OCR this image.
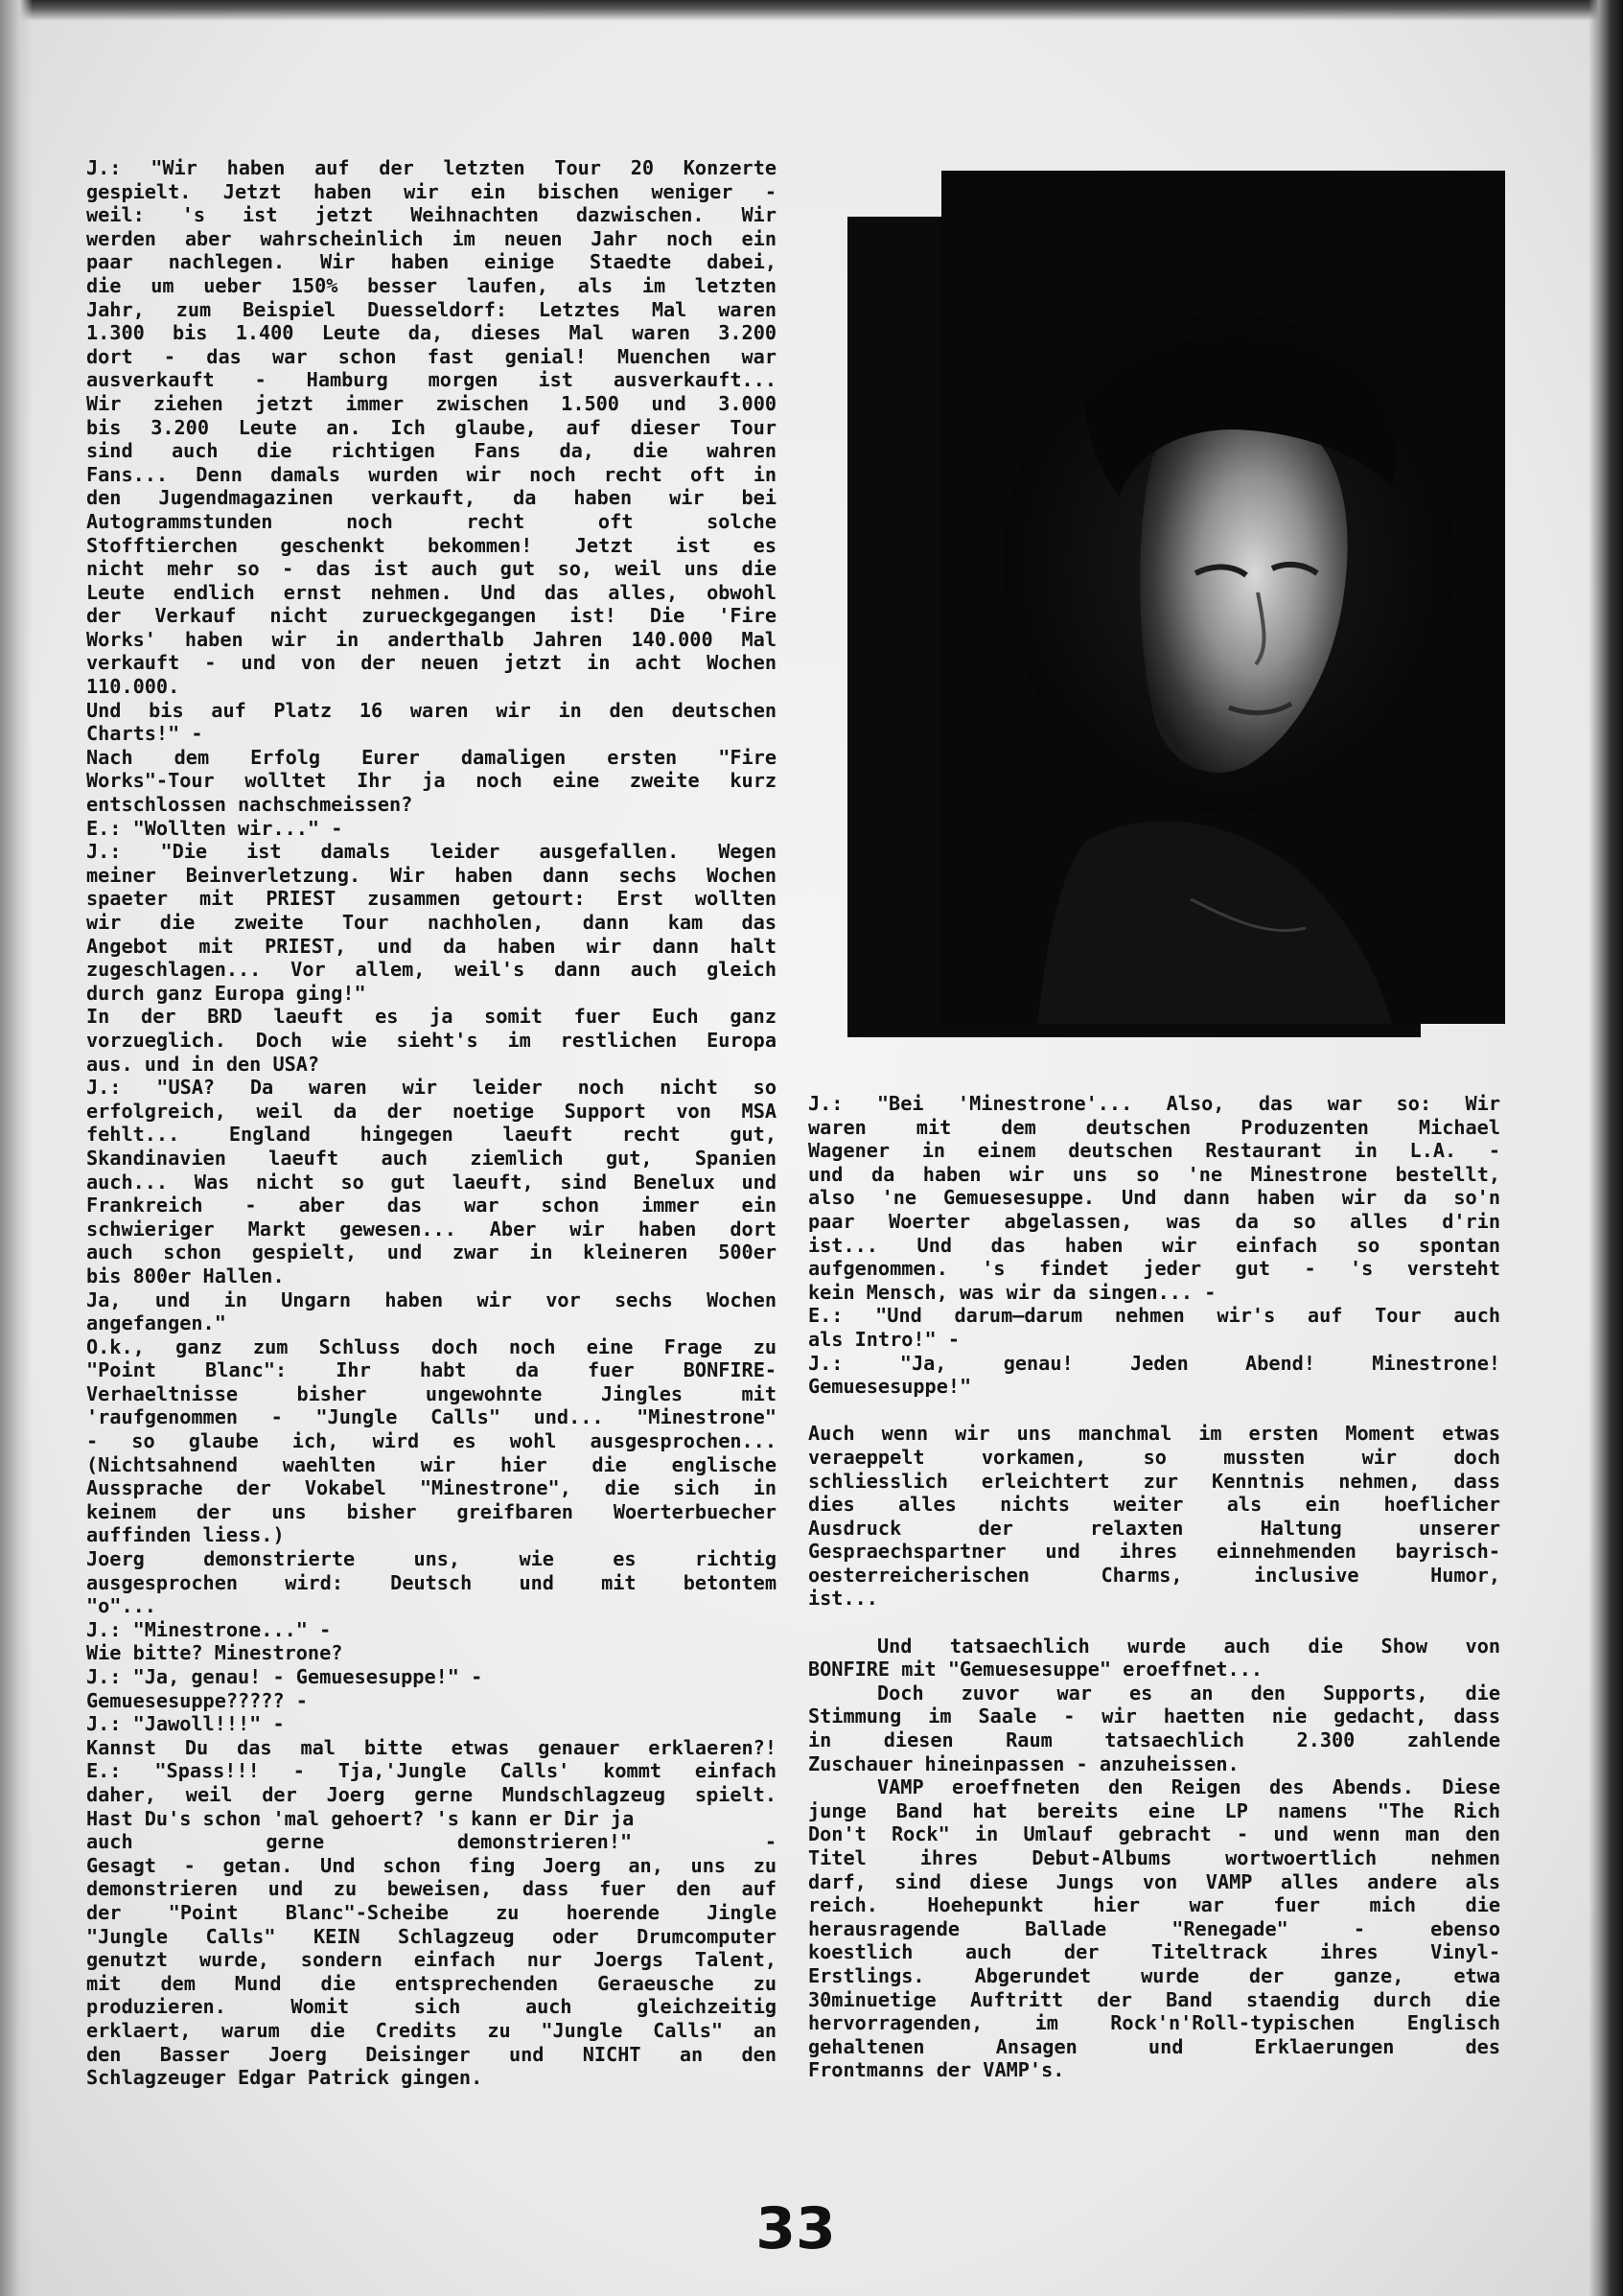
J.: "Wir haben auf der letzten Tour 20 Konzerte
gespielt. Jetzt haben wir ein bischen weniger -
weil: 's ist jetzt Weihnachten dazwischen. Wir
werden aber wahrscheinlich im neuen Jahr noch ein
paar nachlegen. Wir haben einige Staedte dabei,
die um ueber 150% besser laufen, als im letzten
Jahr, zum Beispiel Duesseldorf: Letztes Mal waren
1.300 bis 1.400 Leute da, dieses Mal waren 3.200
dort - das war schon fast genial! Muenchen war
ausverkauft - Hamburg morgen ist ausverkauft...
Wir ziehen jetzt immer zwischen 1.500 und 3.000
bis 3.200 Leute an. Ich glaube, auf dieser Tour
sind auch die richtigen Fans da, die wahren
Fans... Denn damals wurden wir noch recht oft in
den Jugendmagazinen verkauft, da haben wir bei
Autogrammstunden noch recht oft solche
Stofftierchen geschenkt bekommen! Jetzt ist es
nicht mehr so - das ist auch gut so, weil uns die
Leute endlich ernst nehmen. Und das alles, obwohl
der Verkauf nicht zurueckgegangen ist! Die 'Fire
Works' haben wir in anderthalb Jahren 140.000 Mal
verkauft - und von der neuen jetzt in acht Wochen
110.000.
Und bis auf Platz 16 waren wir in den deutschen
Charts!" -
Nach dem Erfolg Eurer damaligen ersten "Fire
Works"-Tour wolltet Ihr ja noch eine zweite kurz
entschlossen nachschmeissen?
E.: "Wollten wir..." -
J.: "Die ist damals leider ausgefallen. Wegen
meiner Beinverletzung. Wir haben dann sechs Wochen
spaeter mit PRIEST zusammen getourt: Erst wollten
wir die zweite Tour nachholen, dann kam das
Angebot mit PRIEST, und da haben wir dann halt
zugeschlagen... Vor allem, weil's dann auch gleich
durch ganz Europa ging!"
In der BRD laeuft es ja somit fuer Euch ganz
vorzueglich. Doch wie sieht's im restlichen Europa
aus. und in den USA?
J.: "USA? Da waren wir leider noch nicht so
erfolgreich, weil da der noetige Support von MSA
fehlt... England hingegen laeuft recht gut,
Skandinavien laeuft auch ziemlich gut, Spanien
auch... Was nicht so gut laeuft, sind Benelux und
Frankreich - aber das war schon immer ein
schwieriger Markt gewesen... Aber wir haben dort
auch schon gespielt, und zwar in kleineren 500er
bis 800er Hallen.
Ja, und in Ungarn haben wir vor sechs Wochen
angefangen."
O.k., ganz zum Schluss doch noch eine Frage zu
"Point Blanc": Ihr habt da fuer BONFIRE-
Verhaeltnisse bisher ungewohnte Jingles mit
'raufgenommen - "Jungle Calls" und... "Minestrone"
- so glaube ich, wird es wohl ausgesprochen...
(Nichtsahnend waehlten wir hier die englische
Aussprache der Vokabel "Minestrone", die sich in
keinem der uns bisher greifbaren Woerterbuecher
auffinden liess.)
Joerg demonstrierte uns, wie es richtig
ausgesprochen wird: Deutsch und mit betontem
"o"...
J.: "Minestrone..." -
Wie bitte? Minestrone?
J.: "Ja, genau! - Gemuesesuppe!" -
Gemuesesuppe????? -
J.: "Jawoll!!!" -
Kannst Du das mal bitte etwas genauer erklaeren?!
E.: "Spass!!! - Tja,'Jungle Calls' kommt einfach
daher, weil der Joerg gerne Mundschlagzeug spielt.
Hast Du's schon 'mal gehoert? 's kann er Dir ja
auch gerne demonstrieren!" -
Gesagt - getan. Und schon fing Joerg an, uns zu
demonstrieren und zu beweisen, dass fuer den auf
der "Point Blanc"-Scheibe zu hoerende Jingle
"Jungle Calls" KEIN Schlagzeug oder Drumcomputer
genutzt wurde, sondern einfach nur Joergs Talent,
mit dem Mund die entsprechenden Geraeusche zu
produzieren. Womit sich auch gleichzeitig
erklaert, warum die Credits zu "Jungle Calls" an
den Basser Joerg Deisinger und NICHT an den
Schlagzeuger Edgar Patrick gingen.
J.: "Bei 'Minestrone'... Also, das war so: Wir
waren mit dem deutschen Produzenten Michael
Wagener in einem deutschen Restaurant in L.A. -
und da haben wir uns so 'ne Minestrone bestellt,
also 'ne Gemuesesuppe. Und dann haben wir da so'n
paar Woerter abgelassen, was da so alles d'rin
ist... Und das haben wir einfach so spontan
aufgenommen. 's findet jeder gut - 's versteht
kein Mensch, was wir da singen... -
E.: "Und darum—darum nehmen wir's auf Tour auch
als Intro!" -
J.: "Ja, genau! Jeden Abend! Minestrone!
Gemuesesuppe!"
Auch wenn wir uns manchmal im ersten Moment etwas
veraeppelt vorkamen, so mussten wir doch
schliesslich erleichtert zur Kenntnis nehmen, dass
dies alles nichts weiter als ein hoeflicher
Ausdruck der relaxten Haltung unserer
Gespraechspartner und ihres einnehmenden bayrisch-
oesterreicherischen Charms, inclusive Humor,
ist...
Und tatsaechlich wurde auch die Show von
BONFIRE mit "Gemuesesuppe" eroeffnet...
Doch zuvor war es an den Supports, die
Stimmung im Saale - wir haetten nie gedacht, dass
in diesen Raum tatsaechlich 2.300 zahlende
Zuschauer hineinpassen - anzuheissen.
VAMP eroeffneten den Reigen des Abends. Diese
junge Band hat bereits eine LP namens "The Rich
Don't Rock" in Umlauf gebracht - und wenn man den
Titel ihres Debut-Albums wortwoertlich nehmen
darf, sind diese Jungs von VAMP alles andere als
reich. Hoehepunkt hier war fuer mich die
herausragende Ballade "Renegade" - ebenso
koestlich auch der Titeltrack ihres Vinyl-
Erstlings. Abgerundet wurde der ganze, etwa
30minuetige Auftritt der Band staendig durch die
hervorragenden, im Rock'n'Roll-typischen Englisch
gehaltenen Ansagen und Erklaerungen des
Frontmanns der VAMP's.
33
